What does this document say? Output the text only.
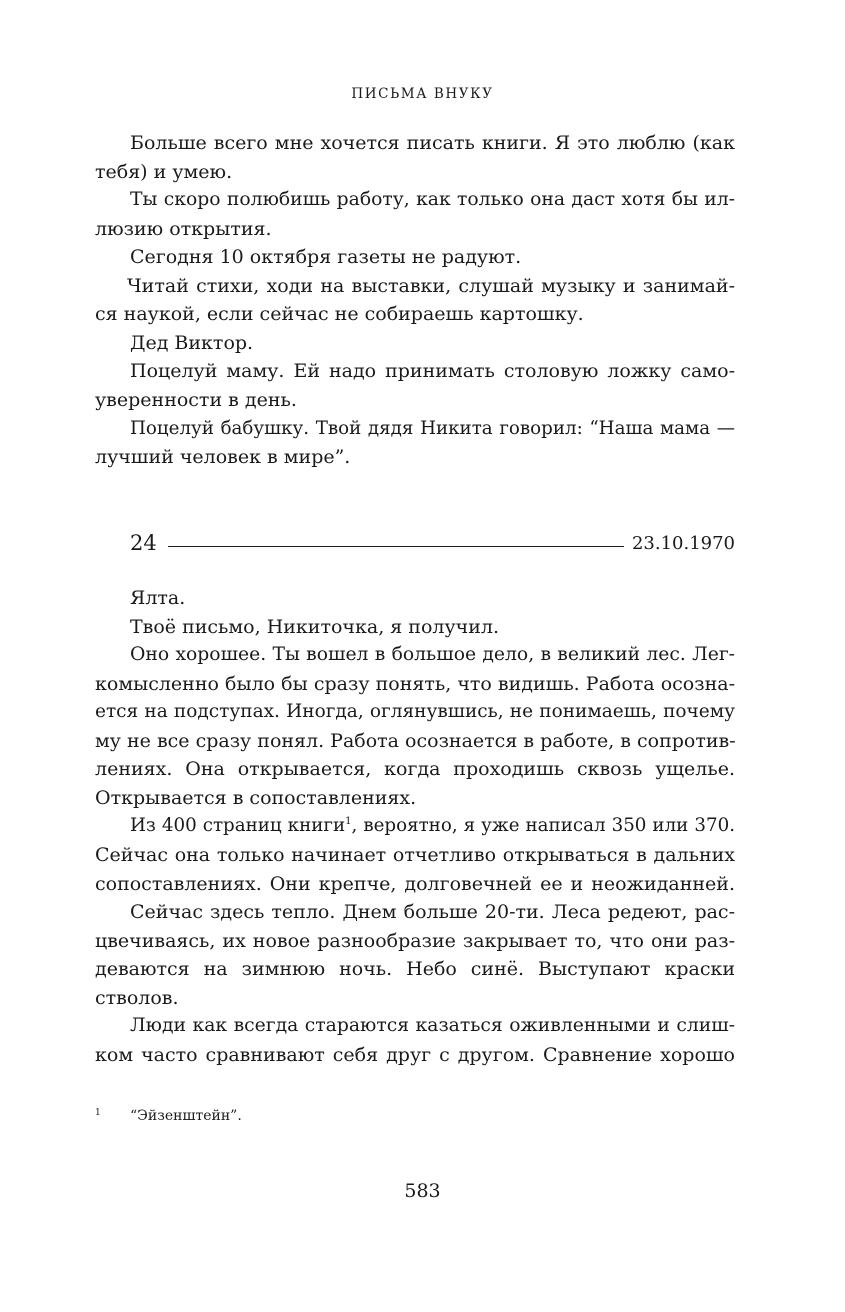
ПИСЬМА ВНУКУ
Больше всего мне хочется писать книги. Я это люблю (как
тебя) и умею.
Ты скоро полюбишь работу, как только она даст хотя бы ил-
люзию открытия.
Сегодня 10 октября газеты не радуют.
Читай стихи, ходи на выставки, слушай музыку и занимай-
ся наукой, если сейчас не собираешь картошку.
Дед Виктор.
Поцелуй маму. Ей надо принимать столовую ложку само-
уверенности в день.
Поцелуй бабушку. Твой дядя Никита говорил: “Наша мама —
лучший человек в мире”.
24	23.10.1970
Ялта.
Твоё письмо, Никиточка, я получил.
Оно хорошее. Ты вошел в большое дело, в великий лес. Лег-
комысленно было бы сразу понять, что видишь. Работа осозна-
ется на подступах. Иногда, оглянувшись, не понимаешь, почему
му не все сразу понял. Работа осознается в работе, в сопротив-
лениях. Она открывается, когда проходишь сквозь ущелье.
Открывается в сопоставлениях.
Из 400 страниц книги$^1$, вероятно, я уже написал 350 или 370.
Сейчас она только начинает отчетливо открываться в дальних
сопоставлениях. Они крепче, долговечней ее и неожиданней.
Сейчас здесь тепло. Днем больше 20-ти. Леса редеют, рас-
цвечиваясь, их новое разнообразие закрывает то, что они раз-
деваются на зимнюю ночь. Небо синё. Выступают краски
стволов.
Люди как всегда стараются казаться оживленными и слиш-
ком часто сравнивают себя друг с другом. Сравнение хорошо
1 “Эйзенштейн”.
583
